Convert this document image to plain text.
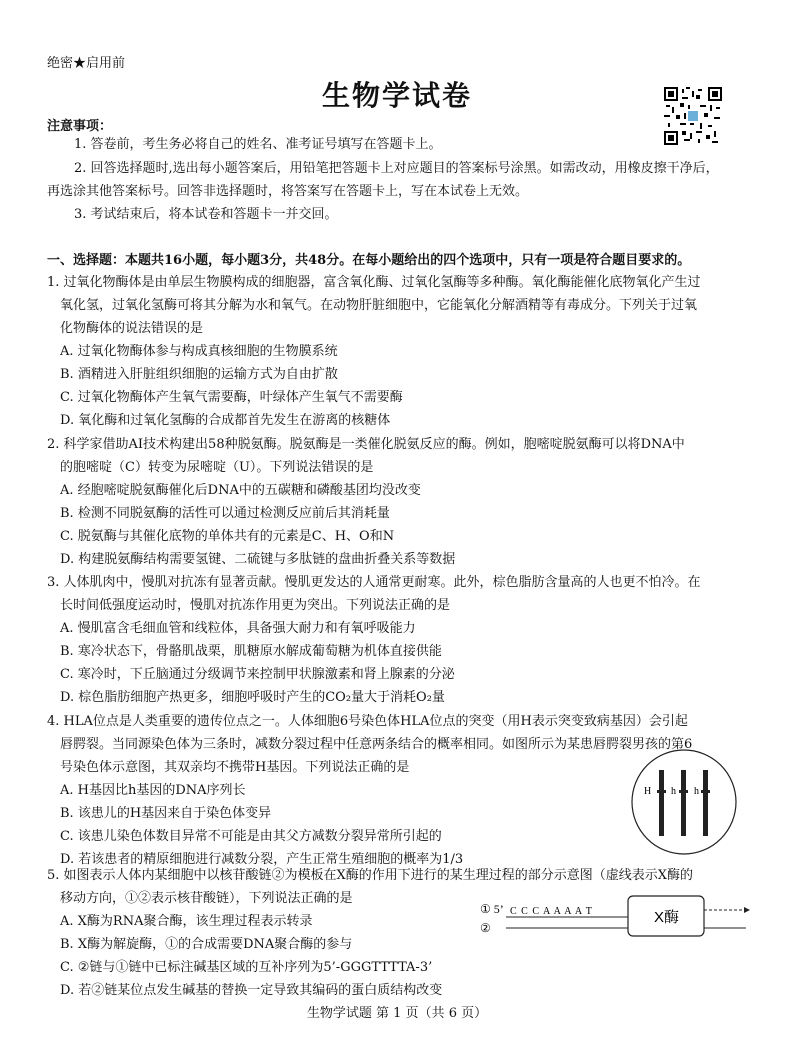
绝密★启用前
生物学试卷
注意事项：
1. 答卷前，考生务必将自己的姓名、准考证号填写在答题卡上。
2. 回答选择题时,选出每小题答案后，用铅笔把答题卡上对应题目的答案标号涂黑。如需改动，用橡皮擦干净后，
再选涂其他答案标号。回答非选择题时，将答案写在答题卡上，写在本试卷上无效。
3. 考试结束后，将本试卷和答题卡一并交回。
一、选择题：本题共16小题，每小题3分，共48分。在每小题给出的四个选项中，只有一项是符合题目要求的。
1. 过氧化物酶体是由单层生物膜构成的细胞器，富含氧化酶、过氧化氢酶等多种酶。氧化酶能催化底物氧化产生过
氧化氢，过氧化氢酶可将其分解为水和氧气。在动物肝脏细胞中，它能氧化分解酒精等有毒成分。下列关于过氧
化物酶体的说法错误的是
A. 过氧化物酶体参与构成真核细胞的生物膜系统
B. 酒精进入肝脏组织细胞的运输方式为自由扩散
C. 过氧化物酶体产生氧气需要酶，叶绿体产生氧气不需要酶
D. 氧化酶和过氧化氢酶的合成都首先发生在游离的核糖体
2. 科学家借助AI技术构建出58种脱氨酶。脱氨酶是一类催化脱氨反应的酶。例如，胞嘧啶脱氨酶可以将DNA中
的胞嘧啶（C）转变为尿嘧啶（U）。下列说法错误的是
A. 经胞嘧啶脱氨酶催化后DNA中的五碳糖和磷酸基团均没改变
B. 检测不同脱氨酶的活性可以通过检测反应前后其消耗量
C. 脱氨酶与其催化底物的单体共有的元素是C、H、O和N
D. 构建脱氨酶结构需要氢键、二硫键与多肽链的盘曲折叠关系等数据
3. 人体肌肉中，慢肌对抗冻有显著贡献。慢肌更发达的人通常更耐寒。此外，棕色脂肪含量高的人也更不怕冷。在
长时间低强度运动时，慢肌对抗冻作用更为突出。下列说法正确的是
A. 慢肌富含毛细血管和线粒体，具备强大耐力和有氧呼吸能力
B. 寒冷状态下，骨骼肌战栗，肌糖原水解成葡萄糖为机体直接供能
C. 寒冷时，下丘脑通过分级调节来控制甲状腺激素和肾上腺素的分泌
D. 棕色脂肪细胞产热更多，细胞呼吸时产生的CO₂量大于消耗O₂量
4. HLA位点是人类重要的遗传位点之一。人体细胞6号染色体HLA位点的突变（用H表示突变致病基因）会引起
唇腭裂。当同源染色体为三条时，减数分裂过程中任意两条结合的概率相同。如图所示为某患唇腭裂男孩的第6
号染色体示意图，其双亲均不携带H基因。下列说法正确的是
A. H基因比h基因的DNA序列长
B. 该患儿的H基因来自于染色体变异
C. 该患儿染色体数目异常不可能是由其父方减数分裂异常所引起的
D. 若该患者的精原细胞进行减数分裂，产生正常生殖细胞的概率为1/3
H h h
5. 如图表示人体内某细胞中以核苷酸链②为模板在X酶的作用下进行的某生理过程的部分示意图（虚线表示X酶的
移动方向，①②表示核苷酸链），下列说法正确的是
A. X酶为RNA聚合酶，该生理过程表示转录
B. X酶为解旋酶，①的合成需要DNA聚合酶的参与
C. ②链与①链中已标注碱基区域的互补序列为5’-GGGTTTTA-3’
D. 若②链某位点发生碱基的替换一定导致其编码的蛋白质结构改变
① 5’
②
C C C A A A A T	X酶
生物学试题 第 1 页（共 6 页）
